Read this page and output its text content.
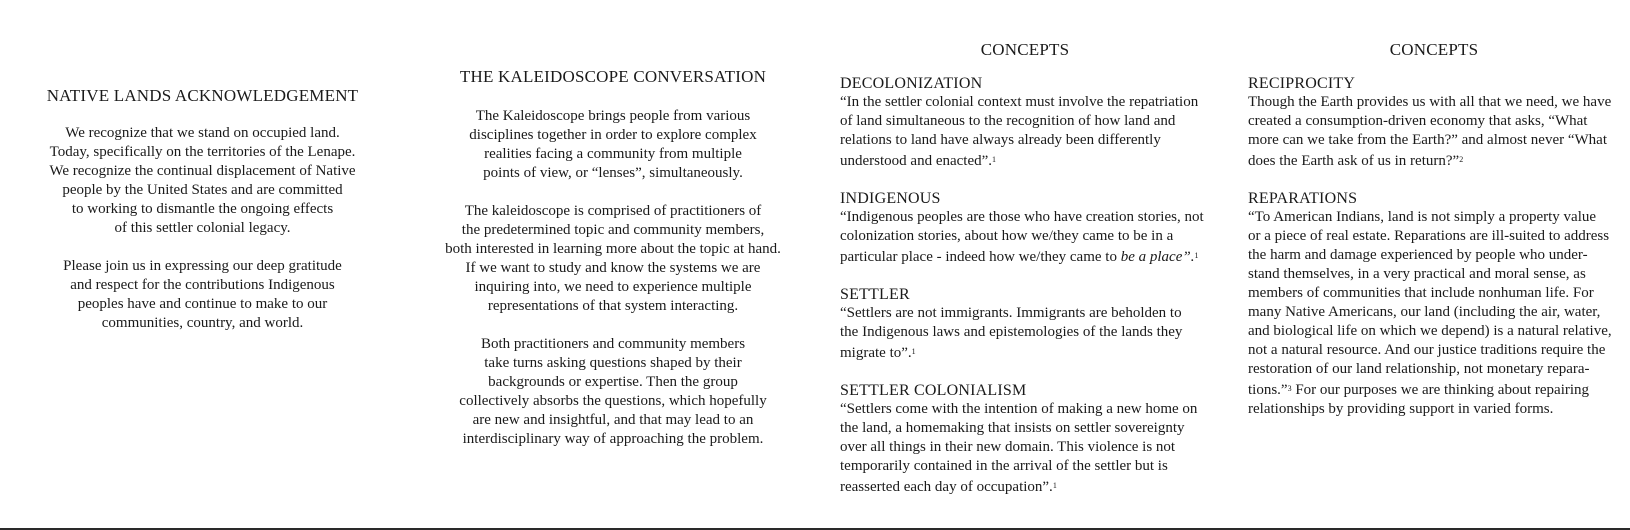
NATIVE LANDS ACKNOWLEDGEMENT

We recognize that we stand on occupied land.
Today, specifically on the territories of the Lenape.
We recognize the continual displacement of Native
people by the United States and are committed
to working to dismantle the ongoing effects
of this settler colonial legacy.

Please join us in expressing our deep gratitude
and respect for the contributions Indigenous
peoples have and continue to make to our
communities, country, and world.

THE KALEIDOSCOPE CONVERSATION

The Kaleidoscope brings people from various
disciplines together in order to explore complex
realities facing a community from multiple
points of view, or “lenses”, simultaneously.

The kaleidoscope is comprised of practitioners of
the predetermined topic and community members,
both interested in learning more about the topic at hand.
If we want to study and know the systems we are
inquiring into, we need to experience multiple
representations of that system interacting.

Both practitioners and community members
take turns asking questions shaped by their
backgrounds or expertise. Then the group
collectively absorbs the questions, which hopefully
are new and insightful, and that may lead to an
interdisciplinary way of approaching the problem.

CONCEPTS
DECOLONIZATION
“In the settler colonial context must involve the repatriation
of land simultaneous to the recognition of how land and
relations to land have always already been differently
understood and enacted”.$^1$
INDIGENOUS
“Indigenous peoples are those who have creation stories, not
colonization stories, about how we/they came to be in a
particular place - indeed how we/they came to be a place”.$^1$
SETTLER
“Settlers are not immigrants. Immigrants are beholden to
the Indigenous laws and epistemologies of the lands they
migrate to”.$^1$
SETTLER COLONIALISM
“Settlers come with the intention of making a new home on
the land, a homemaking that insists on settler sovereignty
over all things in their new domain. This violence is not
temporarily contained in the arrival of the settler but is
reasserted each day of occupation”.$^1$
CONCEPTS
RECIPROCITY
Though the Earth provides us with all that we need, we have
created a consumption-driven economy that asks, “What
more can we take from the Earth?” and almost never “What
does the Earth ask of us in return?”$^2$
REPARATIONS
“To American Indians, land is not simply a property value
or a piece of real estate. Reparations are ill-suited to address
the harm and damage experienced by people who under-
stand themselves, in a very practical and moral sense, as
members of communities that include nonhuman life. For
many Native Americans, our land (including the air, water,
and biological life on which we depend) is a natural relative,
not a natural resource. And our justice traditions require the
restoration of our land relationship, not monetary repara-
tions.”$^3$ For our purposes we are thinking about repairing
relationships by providing support in varied forms.
